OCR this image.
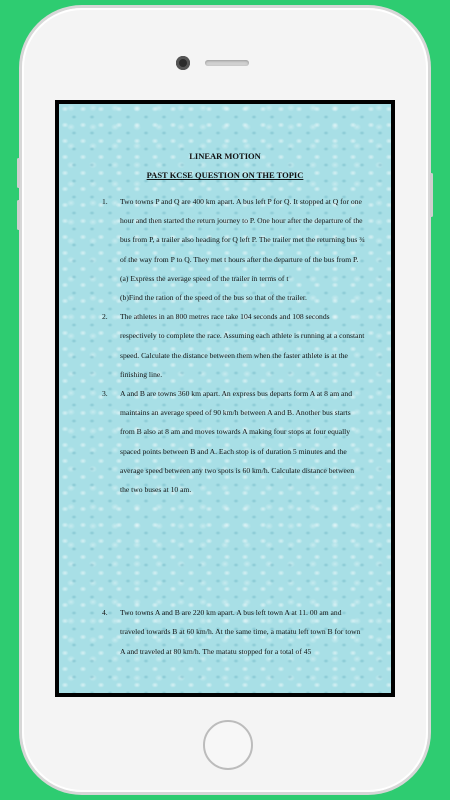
LINEAR MOTION
PAST KCSE QUESTION ON THE TOPIC
1. Two towns P and Q are 400 km apart. A bus left P for Q. It stopped at Q for one hour and then started the return journey to P. One hour after the departure of the bus from P, a trailer also heading for Q left P. The trailer met the returning bus ¾ of the way from P to Q. They met t hours after the departure of the bus from P.
(a) Express the average speed of the trailer in terms of t
(b)Find the ration of the speed of the bus so that of the trailer.
2. The athletes in an 800 metres race take 104 seconds and 108 seconds respectively to complete the race. Assuming each athlete is running at a constant speed. Calculate the distance between them when the faster athlete is at the finishing line.
3. A and B are towns 360 km apart. An express bus departs form A at 8 am and maintains an average speed of 90 km/h between A and B. Another bus starts from B also at 8 am and moves towards A making four stops at four equally spaced points between B and A. Each stop is of duration 5 minutes and the average speed between any two spots is 60 km/h. Calculate distance between the two buses at 10 am.
4. Two towns A and B are 220 km apart. A bus left town A at 11. 00 am and traveled towards B at 60 km/h. At the same time, a matatu left town B for town A and traveled at 80 km/h. The matatu stopped for a total of 45
